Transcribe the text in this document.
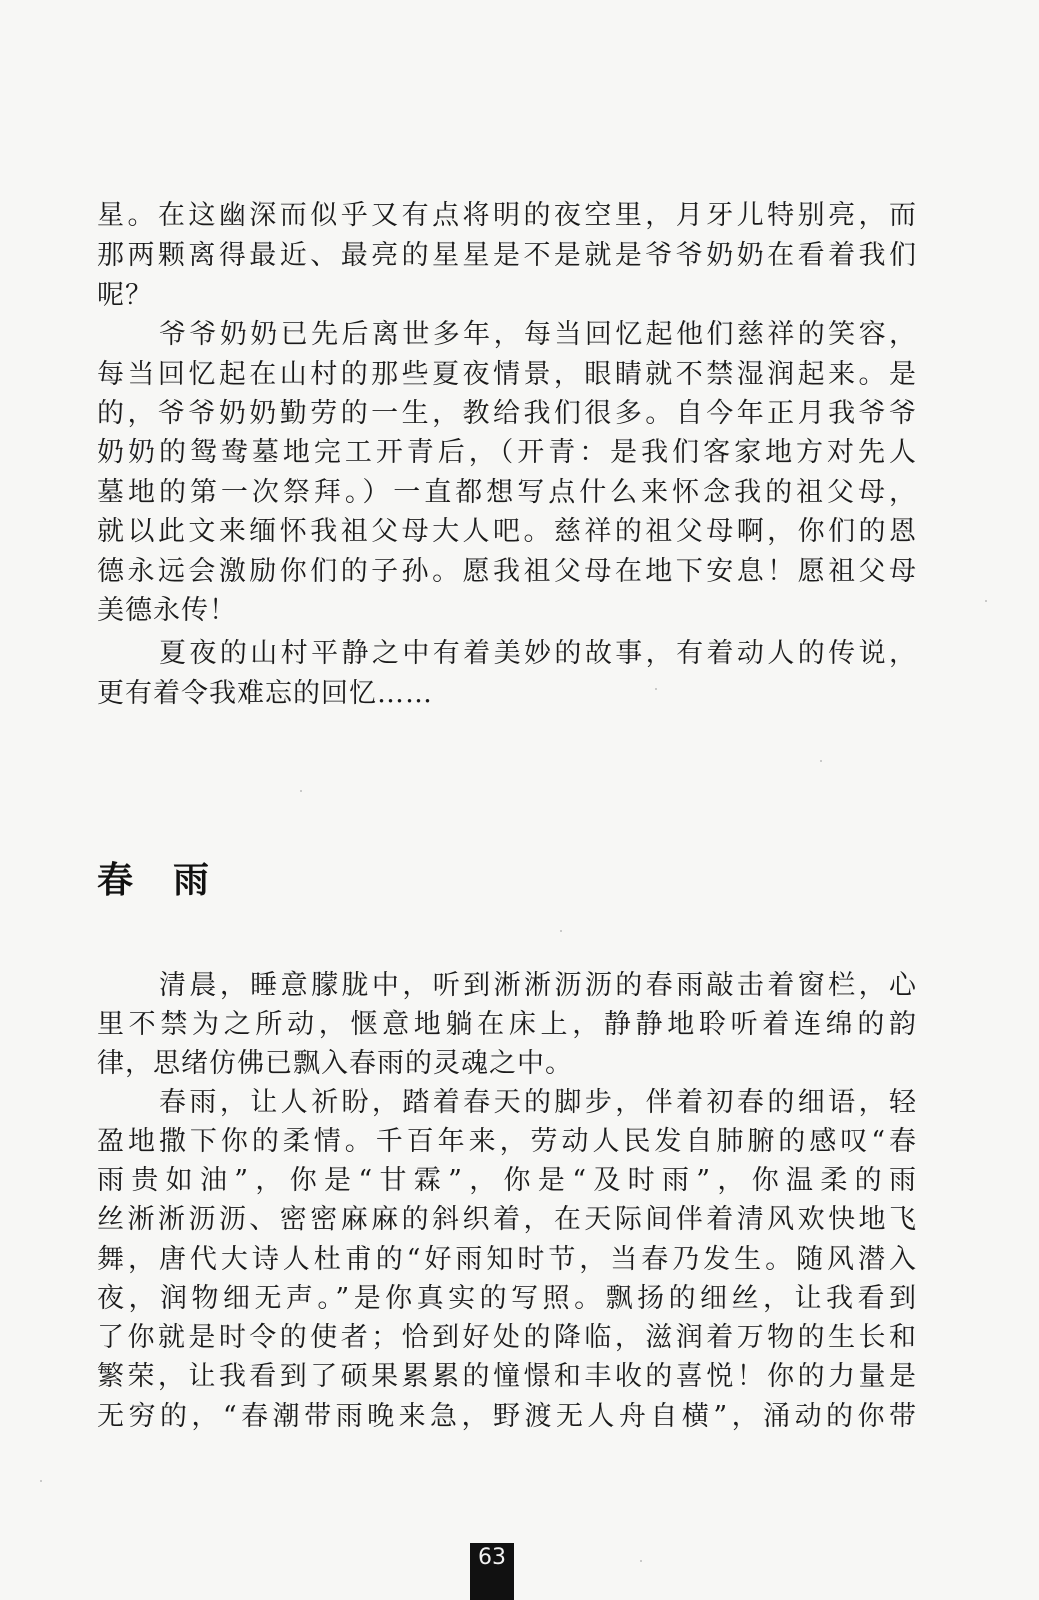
星。在这幽深而似乎又有点将明的夜空里，月牙儿特别亮，而
那两颗离得最近、最亮的星星是不是就是爷爷奶奶在看着我们
呢？
爷爷奶奶已先后离世多年，每当回忆起他们慈祥的笑容，
每当回忆起在山村的那些夏夜情景，眼睛就不禁湿润起来。是
的，爷爷奶奶勤劳的一生，教给我们很多。自今年正月我爷爷
奶奶的鸳鸯墓地完工开青后，（开青：是我们客家地方对先人
墓地的第一次祭拜。）一直都想写点什么来怀念我的祖父母，
就以此文来缅怀我祖父母大人吧。慈祥的祖父母啊，你们的恩
德永远会激励你们的子孙。愿我祖父母在地下安息！愿祖父母
美德永传！
夏夜的山村平静之中有着美妙的故事，有着动人的传说，
更有着令我难忘的回忆……
春雨
清晨，睡意朦胧中，听到淅淅沥沥的春雨敲击着窗栏，心
里不禁为之所动，惬意地躺在床上，静静地聆听着连绵的韵
律，思绪仿佛已飘入春雨的灵魂之中。
春雨，让人祈盼，踏着春天的脚步，伴着初春的细语，轻
盈地撒下你的柔情。千百年来，劳动人民发自肺腑的感叹“春
雨贵如油”，你是“甘霖”，你是“及时雨”，你温柔的雨
丝淅淅沥沥、密密麻麻的斜织着，在天际间伴着清风欢快地飞
舞，唐代大诗人杜甫的“好雨知时节，当春乃发生。随风潜入
夜，润物细无声。”是你真实的写照。飘扬的细丝，让我看到
了你就是时令的使者；恰到好处的降临，滋润着万物的生长和
繁荣，让我看到了硕果累累的憧憬和丰收的喜悦！你的力量是
无穷的，“春潮带雨晚来急，野渡无人舟自横”，涌动的你带
63
